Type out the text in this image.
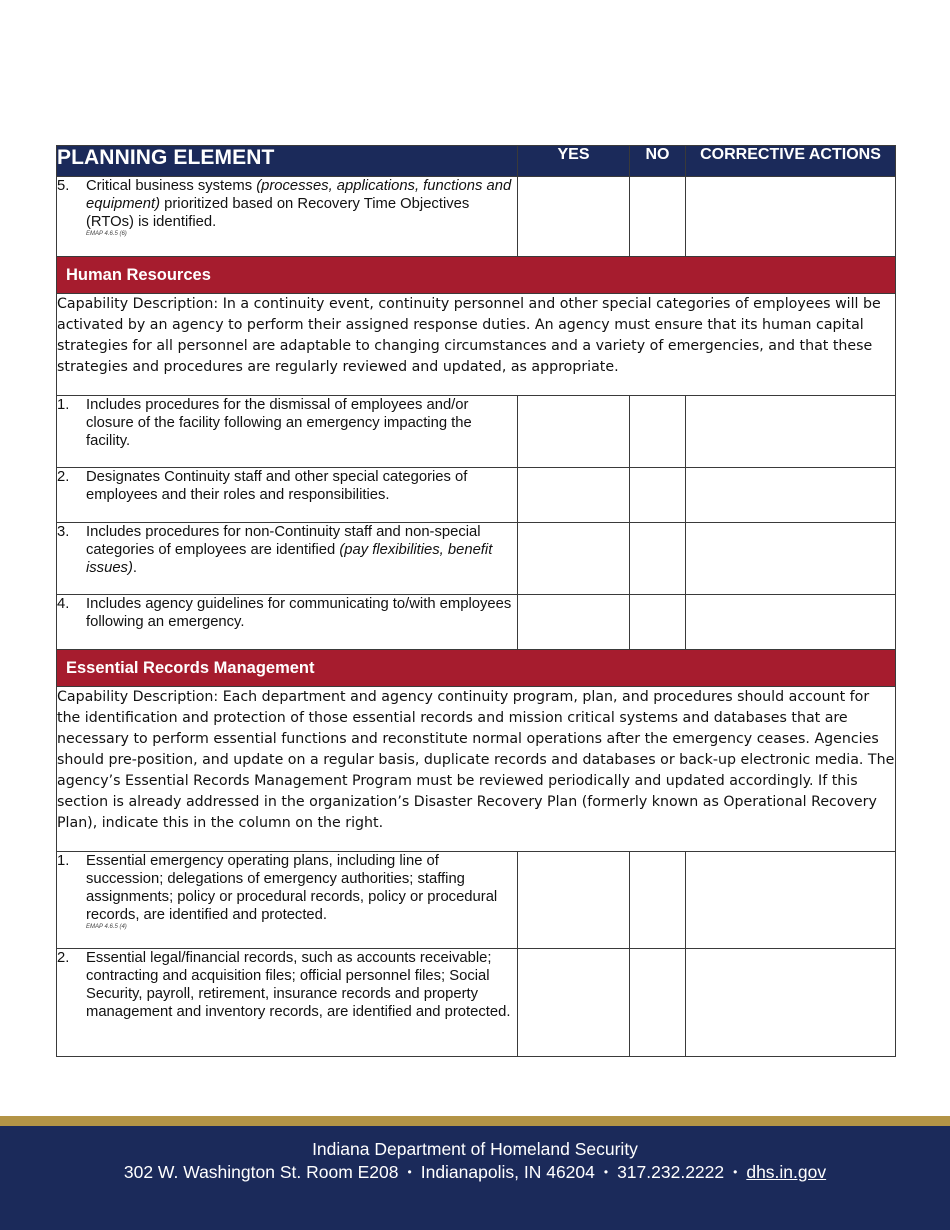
PLANNING ELEMENT	YES	NO	CORRECTIVE ACTIONS

5. Critical business systems (processes, applications, functions and equipment) prioritized based on Recovery Time Objectives (RTOs) is identified.
EMAP 4.6.5 (6)			

Human Resources			
Capability Description: In a continuity event, continuity personnel and other special categories of employees will be activated by an agency to perform their assigned response duties. An agency must ensure that its human capital strategies for all personnel are adaptable to changing circumstances and a variety of emergencies, and that these strategies and procedures are regularly reviewed and updated, as appropriate.			

1. Includes procedures for the dismissal of employees and/or closure of the facility following an emergency impacting the facility.			

2. Designates Continuity staff and other special categories of employees and their roles and responsibilities.			

3. Includes procedures for non-Continuity staff and non-special categories of employees are identified (pay flexibilities, benefit issues).			

4. Includes agency guidelines for communicating to/with employees following an emergency.			

Essential Records Management			
Capability Description: Each department and agency continuity program, plan, and procedures should account for the identification and protection of those essential records and mission critical systems and databases that are necessary to perform essential functions and reconstitute normal operations after the emergency ceases. Agencies should pre-position, and update on a regular basis, duplicate records and databases or back-up electronic media. The agency’s Essential Records Management Program must be reviewed periodically and updated accordingly. If this section is already addressed in the organization’s Disaster Recovery Plan (formerly known as Operational Recovery Plan), indicate this in the column on the right.			

1. Essential emergency operating plans, including line of succession; delegations of emergency authorities; staffing assignments; policy or procedural records, policy or procedural records, are identified and protected.
EMAP 4.6.5 (4)			

2. Essential legal/financial records, such as accounts receivable; contracting and acquisition files; official personnel files; Social Security, payroll, retirement, insurance records and property management and inventory records, are identified and protected.			

Indiana Department of Homeland Security
302 W. Washington St. Room E208 • Indianapolis, IN 46204 • 317.232.2222 • dhs.in.gov
